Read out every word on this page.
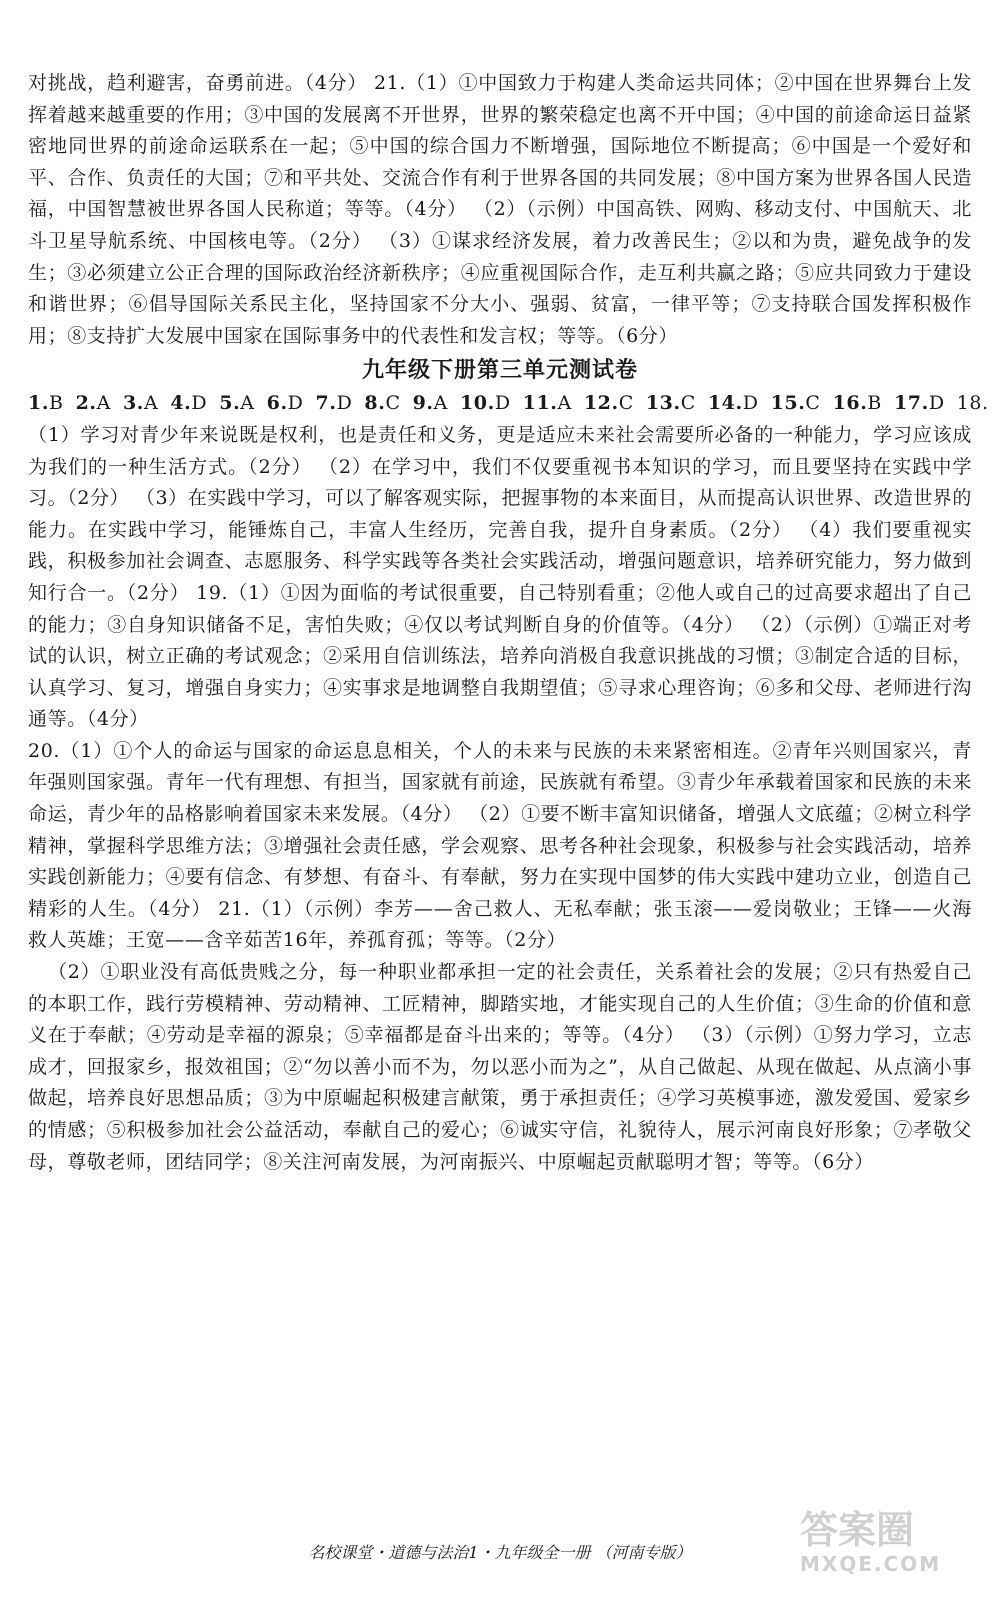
对挑战，趋利避害，奋勇前进。（4分） 21.（1）①中国致力于构建人类命运共同体；②中国在世界舞台上发挥着越来越重要的作用；③中国的发展离不开世界，世界的繁荣稳定也离不开中国；④中国的前途命运日益紧密地同世界的前途命运联系在一起；⑤中国的综合国力不断增强，国际地位不断提高；⑥中国是一个爱好和平、合作、负责任的大国；⑦和平共处、交流合作有利于世界各国的共同发展；⑧中国方案为世界各国人民造福，中国智慧被世界各国人民称道；等等。（4分） （2）（示例）中国高铁、网购、移动支付、中国航天、北斗卫星导航系统、中国核电等。（2分） （3）①谋求经济发展，着力改善民生；②以和为贵，避免战争的发生；③必须建立公正合理的国际政治经济新秩序；④应重视国际合作，走互利共赢之路；⑤应共同致力于建设和谐世界；⑥倡导国际关系民主化，坚持国家不分大小、强弱、贫富，一律平等；⑦支持联合国发挥积极作用；⑧支持扩大发展中国家在国际事务中的代表性和发言权；等等。（6分）

九年级下册第三单元测试卷

1.B 2.A 3.A 4.D 5.A 6.D 7.D 8.C 9.A 10.D 11.A 12.C 13.C 14.D 15.C 16.B 17.D 18.（1）学习对青少年来说既是权利，也是责任和义务，更是适应未来社会需要所必备的一种能力，学习应该成为我们的一种生活方式。（2分） （2）在学习中，我们不仅要重视书本知识的学习，而且要坚持在实践中学习。（2分） （3）在实践中学习，可以了解客观实际，把握事物的本来面目，从而提高认识世界、改造世界的能力。在实践中学习，能锤炼自己，丰富人生经历，完善自我，提升自身素质。（2分） （4）我们要重视实践，积极参加社会调查、志愿服务、科学实践等各类社会实践活动，增强问题意识，培养研究能力，努力做到知行合一。（2分） 19.（1）①因为面临的考试很重要，自己特别看重；②他人或自己的过高要求超出了自己的能力；③自身知识储备不足，害怕失败；④仅以考试判断自身的价值等。（4分） （2）（示例）①端正对考试的认识，树立正确的考试观念；②采用自信训练法，培养向消极自我意识挑战的习惯；③制定合适的目标，认真学习、复习，增强自身实力；④实事求是地调整自我期望值；⑤寻求心理咨询；⑥多和父母、老师进行沟通等。（4分）

20.（1）①个人的命运与国家的命运息息相关，个人的未来与民族的未来紧密相连。②青年兴则国家兴，青年强则国家强。青年一代有理想、有担当，国家就有前途，民族就有希望。③青少年承载着国家和民族的未来命运，青少年的品格影响着国家未来发展。（4分） （2）①要不断丰富知识储备，增强人文底蕴；②树立科学精神，掌握科学思维方法；③增强社会责任感，学会观察、思考各种社会现象，积极参与社会实践活动，培养实践创新能力；④要有信念、有梦想、有奋斗、有奉献，努力在实现中国梦的伟大实践中建功立业，创造自己精彩的人生。（4分） 21.（1）（示例）李芳——舍己救人、无私奉献；张玉滚——爱岗敬业；王锋——火海救人英雄；王宽——含辛茹苦16年，养孤育孤；等等。（2分）

（2）①职业没有高低贵贱之分，每一种职业都承担一定的社会责任，关系着社会的发展；②只有热爱自己的本职工作，践行劳模精神、劳动精神、工匠精神，脚踏实地，才能实现自己的人生价值；③生命的价值和意义在于奉献；④劳动是幸福的源泉；⑤幸福都是奋斗出来的；等等。（4分） （3）（示例）①努力学习，立志成才，回报家乡，报效祖国；②“勿以善小而不为，勿以恶小而为之”，从自己做起、从现在做起、从点滴小事做起，培养良好思想品质；③为中原崛起积极建言献策，勇于承担责任；④学习英模事迹，激发爱国、爱家乡的情感；⑤积极参加社会公益活动，奉献自己的爱心；⑥诚实守信，礼貌待人，展示河南良好形象；⑦孝敬父母，尊敬老师，团结同学；⑧关注河南发展，为河南振兴、中原崛起贡献聪明才智；等等。（6分）

名校课堂・道德与法治1・九年级全一册 （河南专版）
答案圈
MXQE.COM
